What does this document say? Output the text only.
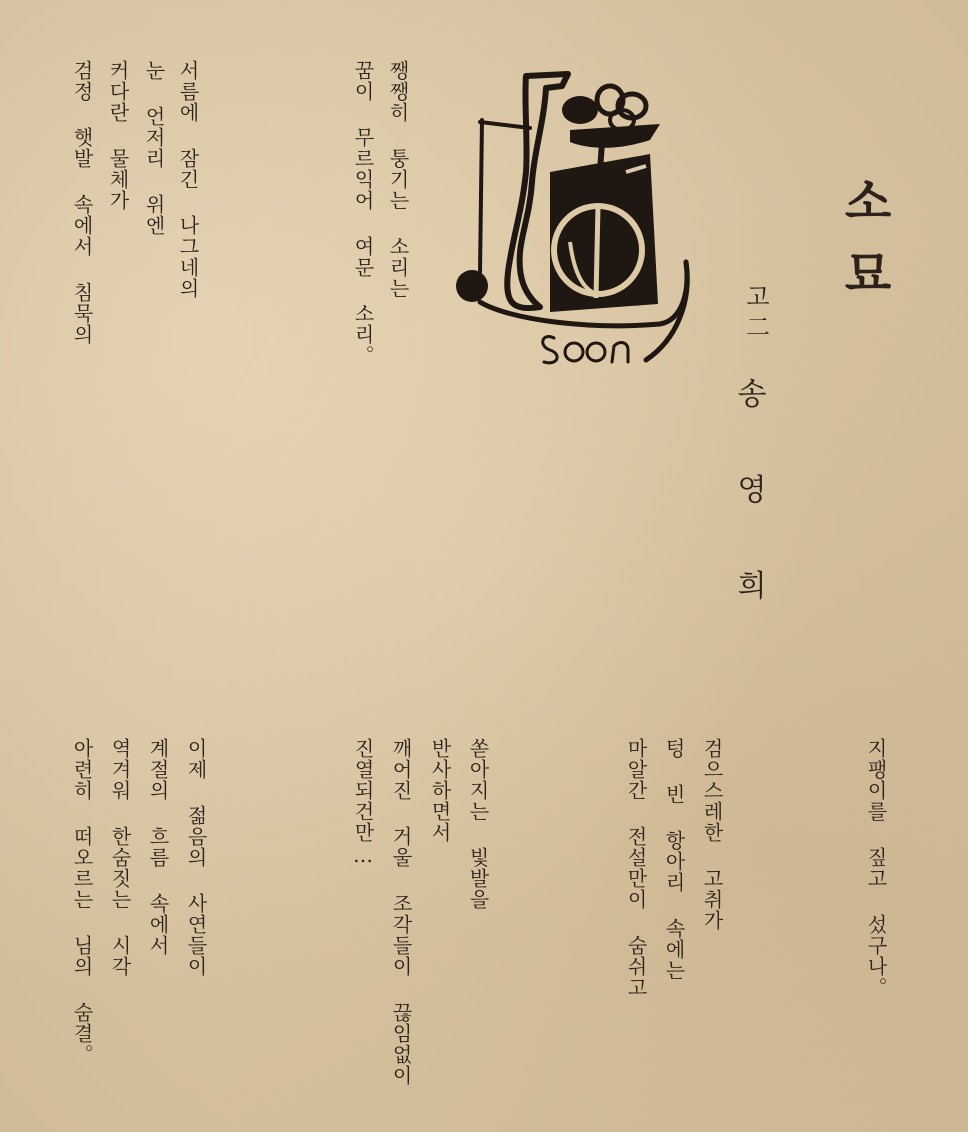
소
묘
고
二
송
영
희
쨍쨍히 퉁기는 소리는
꿈이 무르익어 여문 소리。
서름에 잠긴 나그네의
눈 언저리 위엔
커다란 물체가
검정 햇발 속에서 침묵의
지팽이를 짚고 섰구나。
검으스레한 고취가
텅 빈 항아리 속에는
마알간 전설만이 숨쉬고
쏟아지는 빛발을
반사하면서
깨어진 거울 조각들이 끊임없이
진열되건만…
이제 젊음의 사연들이
계절의 흐름 속에서
역겨워 한숨짓는 시각
아련히 떠오르는 님의 숨결。
